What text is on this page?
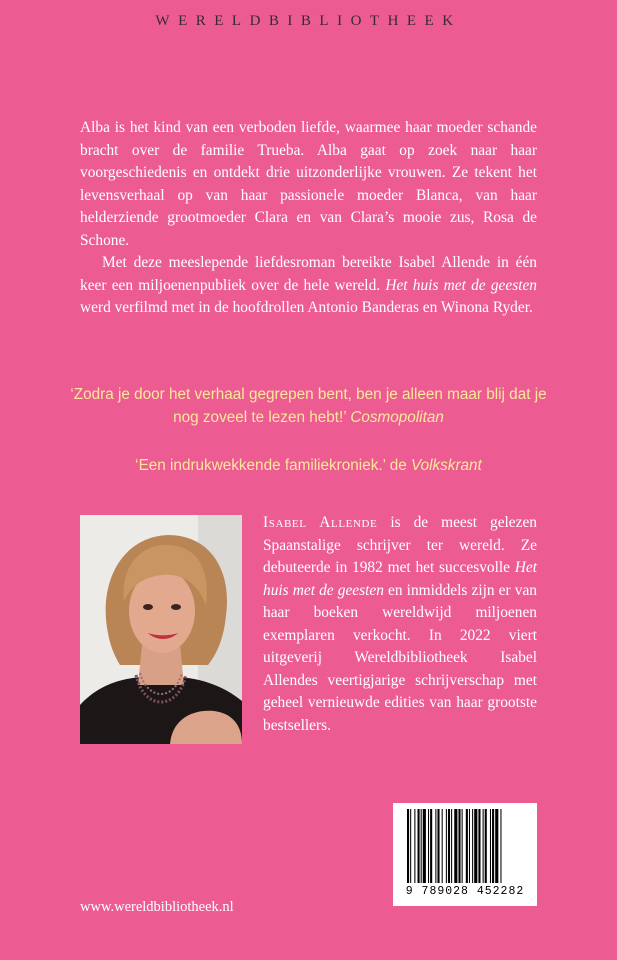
WERELDBIBLIOTHEEK

Alba is het kind van een verboden liefde, waarmee haar moeder schande bracht over de familie Trueba. Alba gaat op zoek naar haar voorgeschiedenis en ontdekt drie uitzonderlijke vrouwen. Ze tekent het levensverhaal op van haar passionele moeder Blanca, van haar helderziende grootmoeder Clara en van Clara’s mooie zus, Rosa de Schone.

Met deze meeslepende liefdesroman bereikte Isabel Allende in één keer een miljoenenpubliek over de hele wereld. Het huis met de geesten werd verfilmd met in de hoofdrollen Antonio Banderas en Winona Ryder.

‘Zodra je door het verhaal gegrepen bent, ben je alleen maar blij dat je nog zoveel te lezen hebt!’ Cosmopolitan
‘Een indrukwekkende familiekroniek.’ de Volkskrant
Isabel Allende is de meest gelezen Spaanstalige schrijver ter wereld. Ze debuteerde in 1982 met het succesvolle Het huis met de geesten en inmiddels zijn er van haar boeken wereldwijd miljoenen exemplaren verkocht. In 2022 viert uitgeverij Wereldbibliotheek Isabel Allendes veertigjarige schrijverschap met geheel vernieuwde edities van haar grootste bestsellers.
9 789028 452282
www.wereldbibliotheek.nl
